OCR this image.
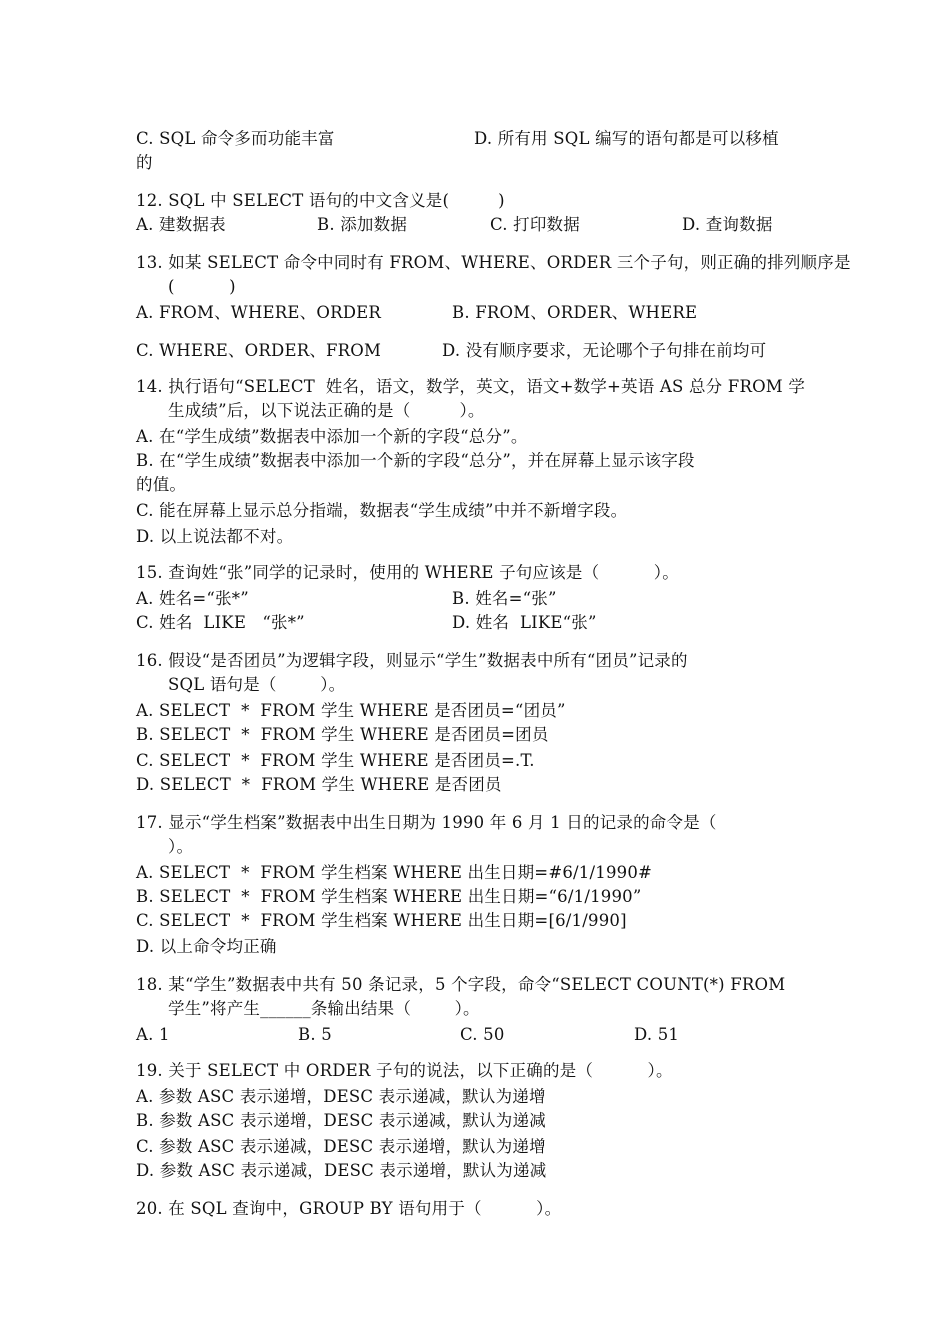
C. SQL 命令多而功能丰富	D. 所有用 SQL 编写的语句都是可以移植
的
12. SQL 中 SELECT 语句的中文含义是(         )
A. 建数据表	B. 添加数据	C. 打印数据	D. 查询数据
13. 如某 SELECT 命令中同时有 FROM、WHERE、ORDER 三个子句，则正确的排列顺序是
(          )
A. FROM、WHERE、ORDER	B. FROM、ORDER、WHERE
C. WHERE、ORDER、FROM	D. 没有顺序要求，无论哪个子句排在前均可
14. 执行语句“SELECT  姓名，语文，数学，英文，语文+数学+英语 AS 总分 FROM 学
生成绩”后，以下说法正确的是（         ）。
A. 在“学生成绩”数据表中添加一个新的字段“总分”。
B. 在“学生成绩”数据表中添加一个新的字段“总分”，并在屏幕上显示该字段
的值。
C. 能在屏幕上显示总分指端，数据表“学生成绩”中并不新增字段。
D. 以上说法都不对。
15. 查询姓“张”同学的记录时，使用的 WHERE 子句应该是（          ）。
A. 姓名=“张*”	B. 姓名=“张”
C. 姓名  LIKE   “张*”	D. 姓名  LIKE“张”
16. 假设“是否团员”为逻辑字段，则显示“学生”数据表中所有“团员”记录的
SQL 语句是（        ）。
A. SELECT  *  FROM 学生 WHERE 是否团员=“团员”
B. SELECT  *  FROM 学生 WHERE 是否团员=团员
C. SELECT  *  FROM 学生 WHERE 是否团员=.T.
D. SELECT  *  FROM 学生 WHERE 是否团员
17. 显示“学生档案”数据表中出生日期为 1990 年 6 月 1 日的记录的命令是（
）。
A. SELECT  *  FROM 学生档案 WHERE 出生日期=#6/1/1990#
B. SELECT  *  FROM 学生档案 WHERE 出生日期=“6/1/1990”
C. SELECT  *  FROM 学生档案 WHERE 出生日期=[6/1/990]
D. 以上命令均正确
18. 某“学生”数据表中共有 50 条记录，5 个字段，命令“SELECT COUNT(*) FROM
学生”将产生______条输出结果（        ）。
A. 1	B. 5	C. 50	D. 51
19. 关于 SELECT 中 ORDER 子句的说法，以下正确的是（          ）。
A. 参数 ASC 表示递增，DESC 表示递减，默认为递增
B. 参数 ASC 表示递增，DESC 表示递减，默认为递减
C. 参数 ASC 表示递减，DESC 表示递增，默认为递增
D. 参数 ASC 表示递减，DESC 表示递增，默认为递减
20. 在 SQL 查询中，GROUP BY 语句用于（          ）。
